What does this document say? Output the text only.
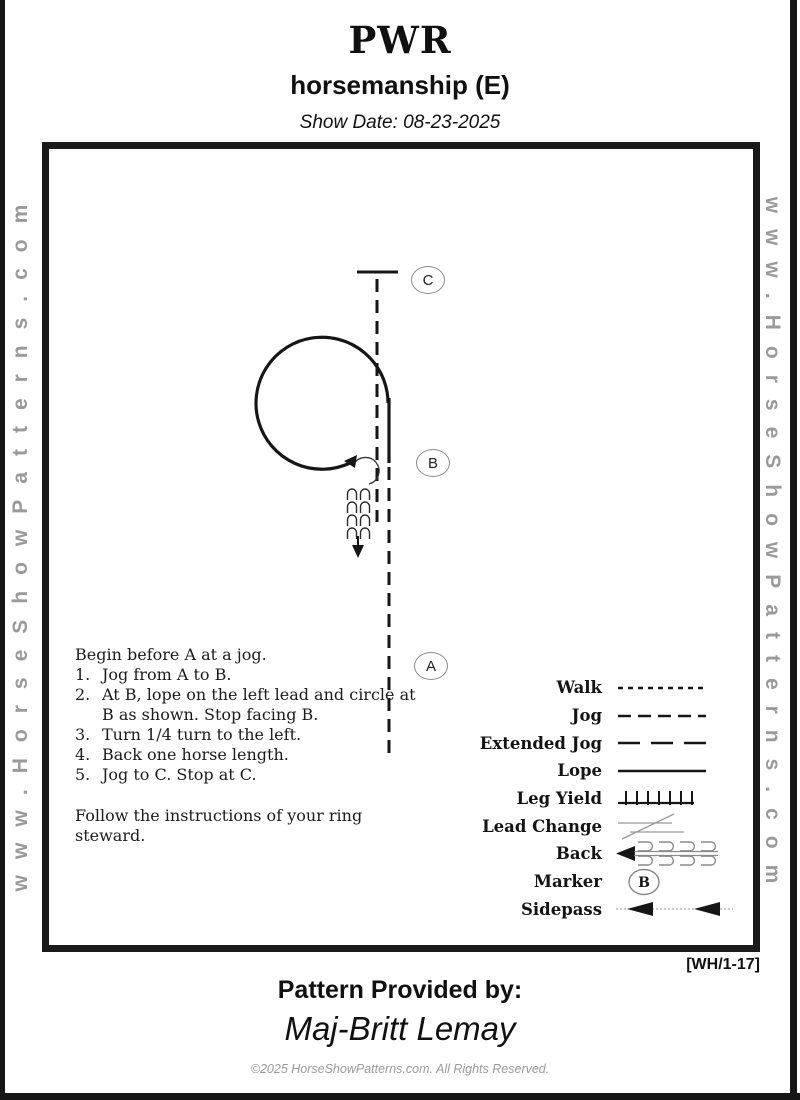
PWR
horsemanship (E)
Show Date: 08-23-2025
www.HorseShowPatterns.com	www.HorseShowPatterns.com
C
B
A
Begin before A at a jog.
1. Jog from A to B.
2. At B, lope on the left lead and circle at B as shown. Stop facing B.
3. Turn 1/4 turn to the left.
4. Back one horse length.
5. Jog to C. Stop at C.
Follow the instructions of your ring steward.
Walk
Jog
Extended Jog
Lope
Leg Yield
Lead Change
Back
Marker	B
Sidepass
[WH/1-17]
Pattern Provided by:
Maj-Britt Lemay
©2025 HorseShowPatterns.com. All Rights Reserved.
